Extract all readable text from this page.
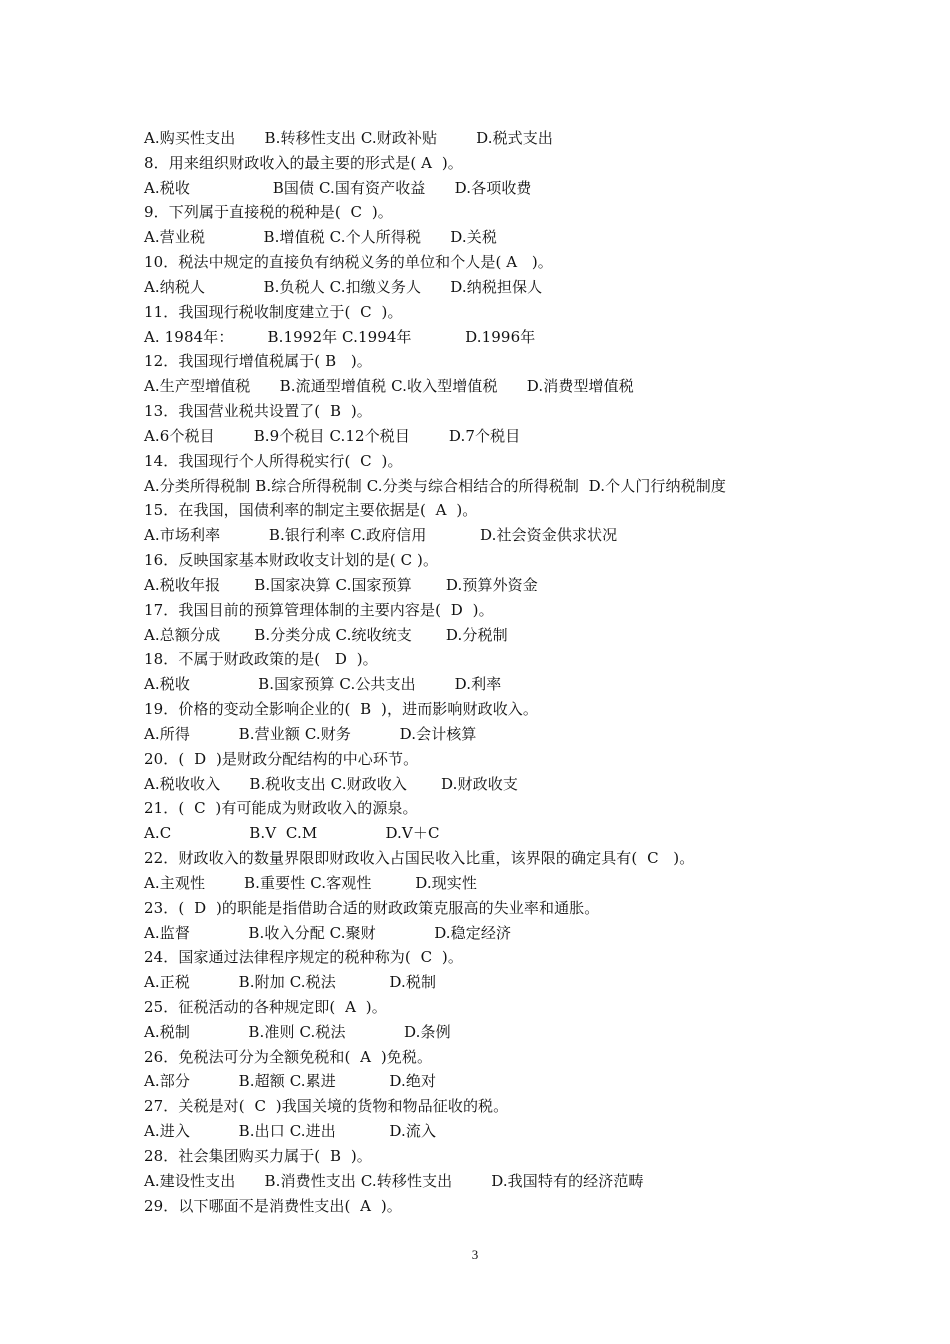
A.购买性支出      B.转移性支出 C.财政补贴        D.税式支出
8．用来组织财政收入的最主要的形式是( A  )。
A.税收                 B国债 C.国有资产收益      D.各项收费
9．下列属于直接税的税种是(  C  )。
A.营业税            B.增值税 C.个人所得税      D.关税
10．税法中规定的直接负有纳税义务的单位和个人是( A   )。
A.纳税人            B.负税人 C.扣缴义务人      D.纳税担保人
11．我国现行税收制度建立于(  C  )。
A. 1984年：       B.1992年 C.1994年           D.1996年
12．我国现行增值税属于( B   )。
A.生产型增值税      B.流通型增值税 C.收入型增值税      D.消费型增值税
13．我国营业税共设置了(  B  )。
A.6个税目        B.9个税目 C.12个税目        D.7个税目
14．我国现行个人所得税实行(  C  )。
A.分类所得税制 B.综合所得税制 C.分类与综合相结合的所得税制  D.个人门行纳税制度
15．在我国，国债利率的制定主要依据是(  A  )。
A.市场利率          B.银行利率 C.政府信用           D.社会资金供求状况
16．反映国家基本财政收支计划的是( C )。
A.税收年报       B.国家决算 C.国家预算       D.预算外资金
17．我国目前的预算管理体制的主要内容是(  D  )。
A.总额分成       B.分类分成 C.统收统支       D.分税制
18．不属于财政政策的是(   D  )。
A.税收              B.国家预算 C.公共支出        D.利率
19．价格的变动全影响企业的(  B  )，进而影响财政收入。
A.所得          B.营业额 C.财务          D.会计核算
20．(  D  )是财政分配结构的中心环节。
A.税收收入      B.税收支出 C.财政收入       D.财政收支
21．(  C  )有可能成为财政收入的源泉。
A.C                B.V  C.M              D.V＋C
22．财政收入的数量界限即财政收入占国民收入比重，该界限的确定具有(  C   )。
A.主观性        B.重要性 C.客观性         D.现实性
23．(  D  )的职能是指借助合适的财政政策克服高的失业率和通胀。
A.监督            B.收入分配 C.聚财            D.稳定经济
24．国家通过法律程序规定的税种称为(  C  )。
A.正税          B.附加 C.税法           D.税制
25．征税活动的各种规定即(  A  )。
A.税制            B.准则 C.税法            D.条例
26．免税法可分为全额免税和(  A  )免税。
A.部分          B.超额 C.累进           D.绝对
27．关税是对(  C  )我国关境的货物和物品征收的税。
A.进入          B.出口 C.进出           D.流入
28．社会集团购买力属于(  B  )。
A.建设性支出      B.消费性支出 C.转移性支出        D.我国特有的经济范畴
29．以下哪面不是消费性支出(  A  )。
3
